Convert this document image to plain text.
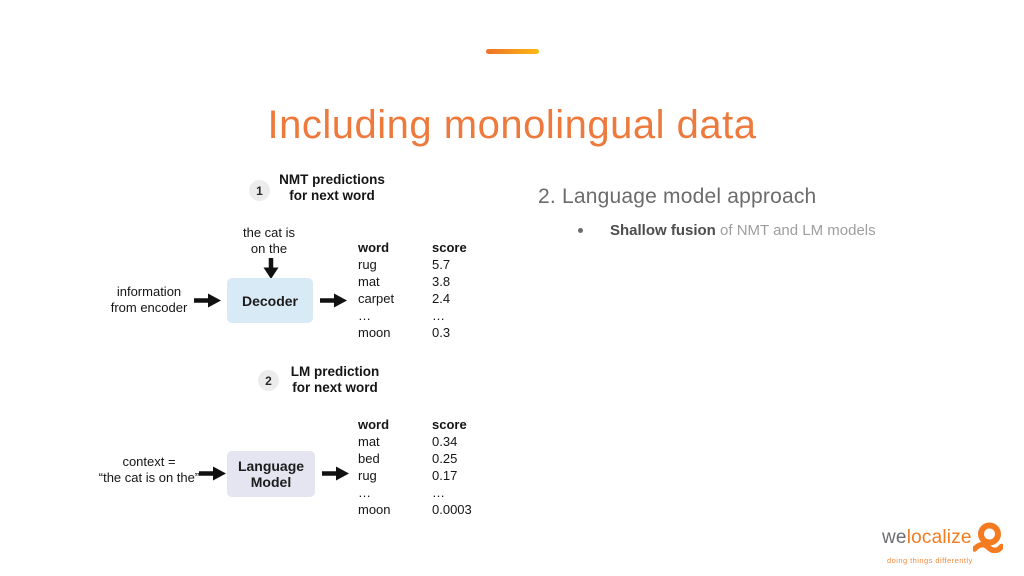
Including monolingual data
1
NMT predictions
for next word
the cat is
on the
information
from encoder	Decoder
word	score
rug	5.7
mat	3.8
carpet	2.4
…	…
moon	0.3
2
LM prediction
for next word
context =
“the cat is on the”
Language
Model
word	score
mat	0.34
bed	0.25
rug	0.17
…	…
moon	0.0003
2. Language model approach
Shallow fusion of NMT and LM models
welocalize
doing things differently
